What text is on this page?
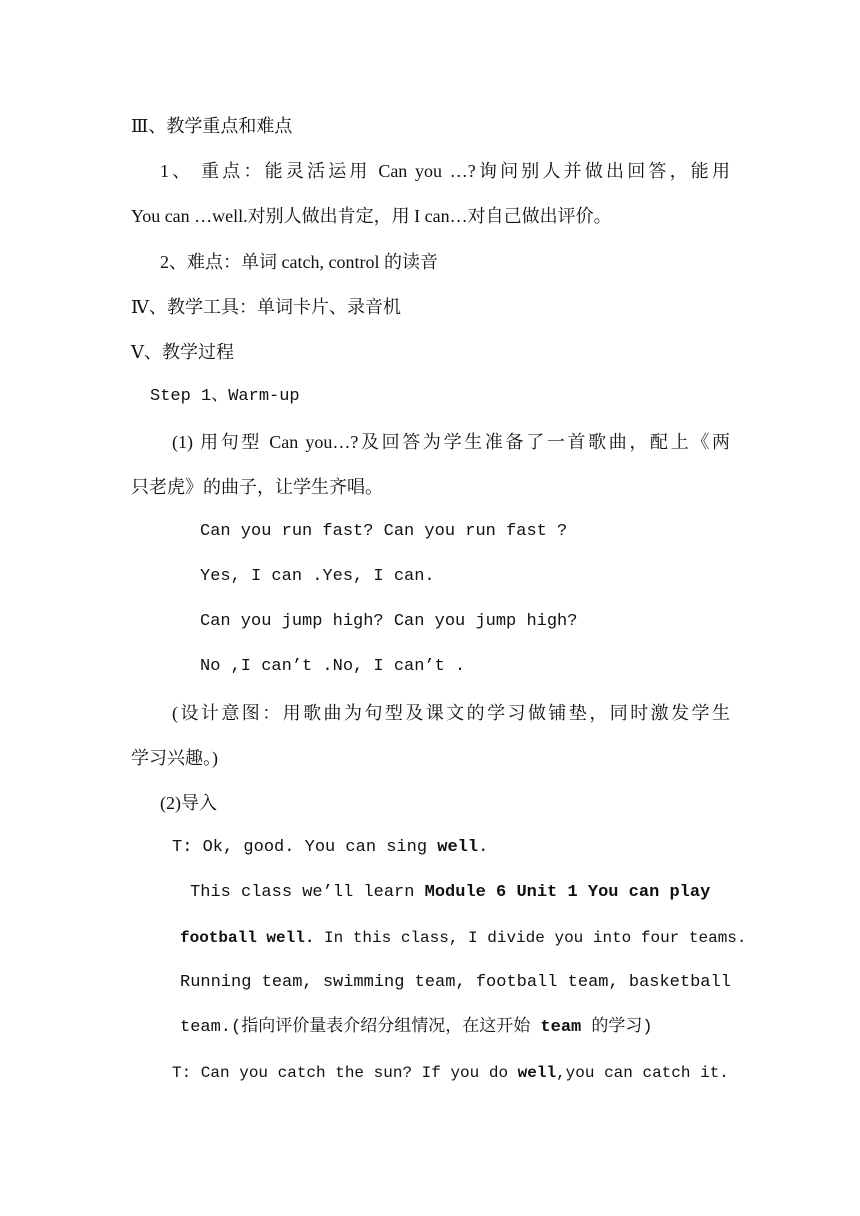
Ⅲ、教学重点和难点
1、 重点：能灵活运用 Can you …?询问别人并做出回答，能用
You can …well.对别人做出肯定，用 I can…对自己做出评价。
2、难点：单词 catch, control 的读音
Ⅳ、教学工具：单词卡片、录音机
Ⅴ、教学过程
Step 1、Warm-up
(1) 用句型 Can you…?及回答为学生准备了一首歌曲，配上《两
只老虎》的曲子，让学生齐唱。
Can you run fast? Can you run fast ?
Yes, I can .Yes, I can.
Can you jump high? Can you jump high?
No ,I can’t .No, I can’t .
(设计意图：用歌曲为句型及课文的学习做铺垫，同时激发学生
学习兴趣。)
(2)导入
T: Ok, good. You can sing well.
This class we’ll learn Module 6 Unit 1 You can play
football well. In this class, I divide you into four teams.
Running team, swimming team, football team, basketball
team.(指向评价量表介绍分组情况，在这开始 team 的学习)
T: Can you catch the sun? If you do well,you can catch it.
